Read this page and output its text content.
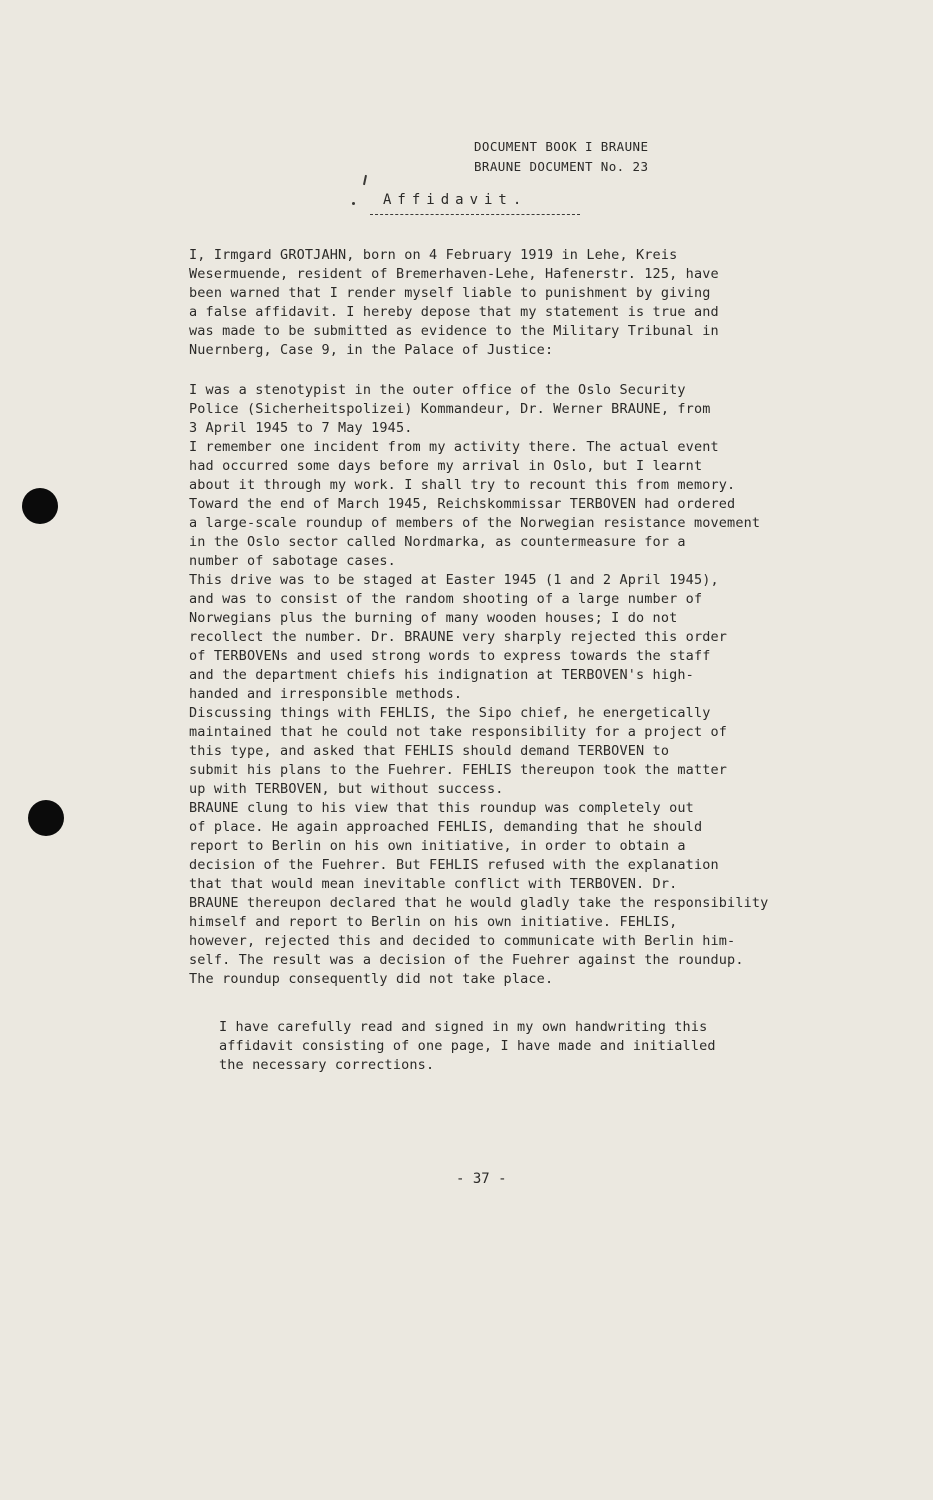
DOCUMENT BOOK I BRAUNE
BRAUNE DOCUMENT No. 23
Affidavit.
I, Irmgard GROTJAHN, born on 4 February 1919 in Lehe, Kreis
Wesermuende, resident of Bremerhaven-Lehe, Hafenerstr. 125, have
been warned that I render myself liable to punishment by giving
a false affidavit. I hereby depose that my statement is true and
was made to be submitted as evidence to the Military Tribunal in
Nuernberg, Case 9, in the Palace of Justice:
I was a stenotypist in the outer office of the Oslo Security
Police (Sicherheitspolizei) Kommandeur, Dr. Werner BRAUNE, from
3 April 1945 to 7 May 1945.
I remember one incident from my activity there. The actual event
had occurred some days before my arrival in Oslo, but I learnt
about it through my work. I shall try to recount this from memory.
Toward the end of March 1945, Reichskommissar TERBOVEN had ordered
a large-scale roundup of members of the Norwegian resistance movement
in the Oslo sector called Nordmarka, as countermeasure for a
number of sabotage cases.
This drive was to be staged at Easter 1945 (1 and 2 April 1945),
and was to consist of the random shooting of a large number of
Norwegians plus the burning of many wooden houses; I do not
recollect the number. Dr. BRAUNE very sharply rejected this order
of TERBOVENs and used strong words to express towards the staff
and the department chiefs his indignation at TERBOVEN's high-
handed and irresponsible methods.
Discussing things with FEHLIS, the Sipo chief, he energetically
maintained that he could not take responsibility for a project of
this type, and asked that FEHLIS should demand TERBOVEN to
submit his plans to the Fuehrer. FEHLIS thereupon took the matter
up with TERBOVEN, but without success.
BRAUNE clung to his view that this roundup was completely out
of place. He again approached FEHLIS, demanding that he should
report to Berlin on his own initiative, in order to obtain a
decision of the Fuehrer. But FEHLIS refused with the explanation
that that would mean inevitable conflict with TERBOVEN. Dr.
BRAUNE thereupon declared that he would gladly take the responsibility
himself and report to Berlin on his own initiative. FEHLIS,
however, rejected this and decided to communicate with Berlin him-
self. The result was a decision of the Fuehrer against the roundup.
The roundup consequently did not take place.
I have carefully read and signed in my own handwriting this
affidavit consisting of one page, I have made and initialled
the necessary corrections.
- 37 -
